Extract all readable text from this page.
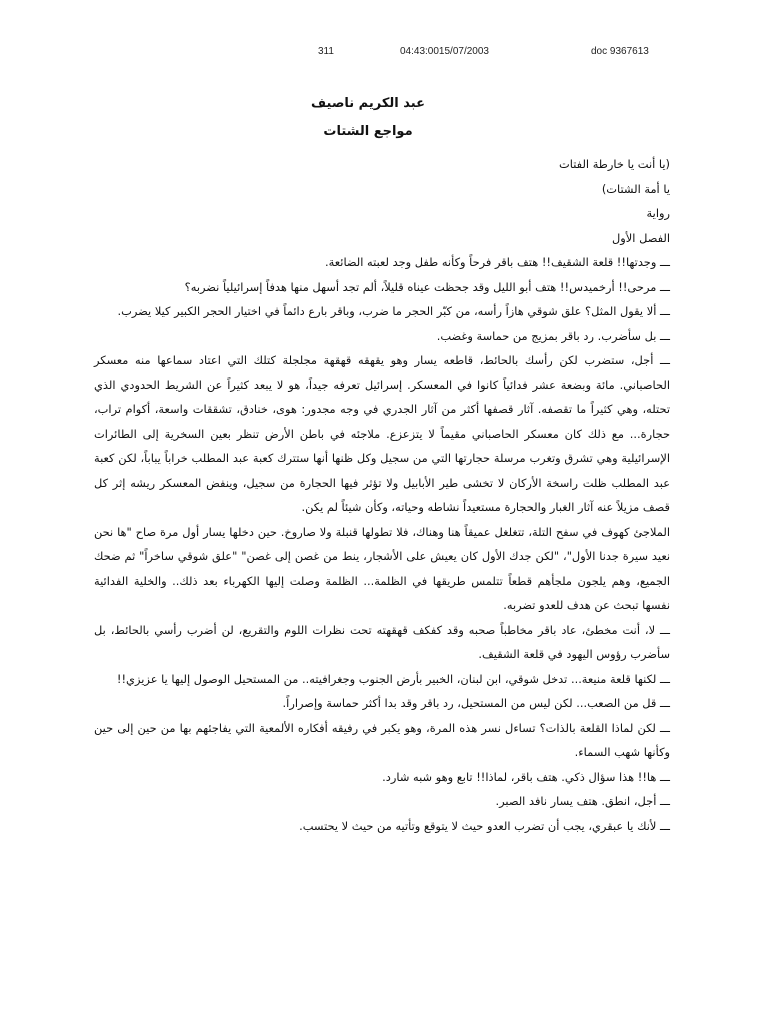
311	04:43:0015/07/2003	doc 9367613
عبد الكريم ناصيف
مواجع الشتات

(يا أنت يا خارطة الفتات

يا أمة الشتات)

رواية

الفصل الأول

ـــ وجدتها!! قلعة الشقيف!! هتف باقر فرحاً وكأنه طفل وجد لعبته الضائعة.

ـــ مرحى!! أرخميدس!! هتف أبو الليل وقد جحظت عيناه قليلاً، ألم تجد أسهل منها هدفاً إسرائيلياً نضربه؟

ـــ ألا يقول المثل؟ علق شوقي هازاً رأسه، من كبّر الحجر ما ضرب، وباقر بارع دائماً في اختيار الحجر الكبير كيلا يضرب.

ـــ بل سأضرب. رد باقر بمزيج من حماسة وغضب.

ـــ أجل، ستضرب لكن رأسك بالحائط، قاطعه يسار وهو يقهقه قهقهة مجلجلة كتلك التي اعتاد سماعها منه معسكر الحاصباني. مائة وبضعة عشر فدائياً كانوا في المعسكر. إسرائيل تعرفه جيداً، هو لا يبعد كثيراً عن الشريط الحدودي الذي تحتله، وهي كثيراً ما تقصفه. آثار قصفها أكثر من آثار الجدري في وجه مجدور: هوى، خنادق، تشققات واسعة، أكوام تراب، حجارة... مع ذلك كان معسكر الحاصباني مقيماً لا يتزعزع. ملاجئه في باطن الأرض تنظر بعين السخرية إلى الطائرات الإسرائيلية وهي تشرق وتغرب مرسلة حجارتها التي من سجيل وكل ظنها أنها ستترك كعبة عبد المطلب خراباً يباباً، لكن كعبة عبد المطلب ظلت راسخة الأركان لا تخشى طير الأبابيل ولا تؤثر فيها الحجارة من سجيل، وينفض المعسكر ريشه إثر كل قصف مزيلاً عنه آثار الغبار والحجارة مستعيداً نشاطه وحياته، وكأن شيئاً لم يكن.

الملاجئ كهوف في سفح التلة، تتغلغل عميقاً هنا وهناك، فلا تطولها قنبلة ولا صاروخ. حين دخلها يسار أول مرة صاح "ها نحن نعيد سيرة جدنا الأول"، "لكن جدك الأول كان يعيش على الأشجار، ينط من غصن إلى غصن" "علق شوقي ساخراً" ثم ضحك الجميع، وهم يلجون ملجأهم قطعاً تتلمس طريقها في الظلمة... الظلمة وصلت إليها الكهرباء بعد ذلك.. والخلية الفدائية نفسها تبحث عن هدف للعدو تضربه.

ـــ لا، أنت مخطئ، عاد باقر مخاطباً صحبه وقد كفكف قهقهته تحت نظرات اللوم والتقريع، لن أضرب رأسي بالحائط، بل سأضرب رؤوس اليهود في قلعة الشقيف.

ـــ لكنها قلعة منيعة... تدخل شوقي، ابن لبنان، الخبير بأرض الجنوب وجغرافيته.. من المستحيل الوصول إليها يا عزيزي!!

ـــ قل من الصعب... لكن ليس من المستحيل، رد باقر وقد بدا أكثر حماسة وإصراراً.

ـــ لكن لماذا القلعة بالذات؟ تساءل نسر هذه المرة، وهو يكبر في رفيقه أفكاره الألمعية التي يفاجئهم بها من حين إلى حين وكأنها شهب السماء.

ـــ ها!! هذا سؤال ذكي. هتف باقر، لماذا!! تابع وهو شبه شارد.

ـــ أجل، انطق. هتف يسار نافد الصبر.

ـــ لأنك يا عبقري، يجب أن تضرب العدو حيث لا يتوقع وتأتيه من حيث لا يحتسب.
